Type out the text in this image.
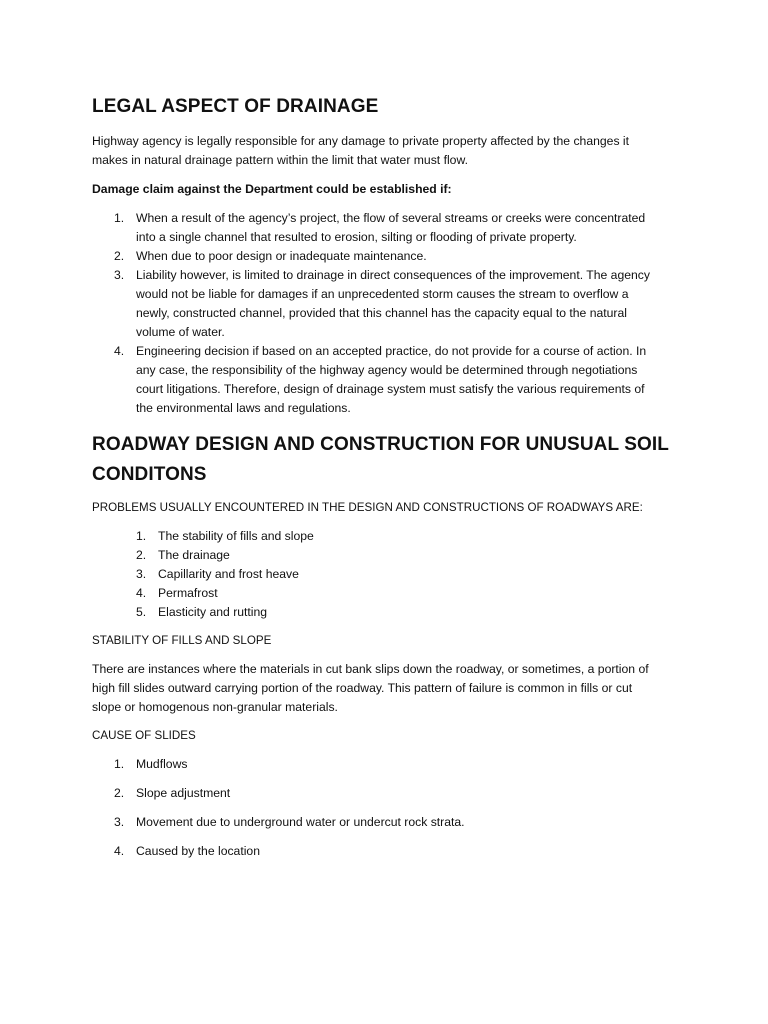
LEGAL ASPECT OF DRAINAGE
Highway agency is legally responsible for any damage to private property affected by the changes it
makes in natural drainage pattern within the limit that water must flow.
Damage claim against the Department could be established if:
1. When a result of the agency’s project, the flow of several streams or creeks were concentrated
into a single channel that resulted to erosion, silting or flooding of private property.
2. When due to poor design or inadequate maintenance.
3. Liability however, is limited to drainage in direct consequences of the improvement. The agency
would not be liable for damages if an unprecedented storm causes the stream to overflow a
newly, constructed channel, provided that this channel has the capacity equal to the natural
volume of water.
4. Engineering decision if based on an accepted practice, do not provide for a course of action. In
any case, the responsibility of the highway agency would be determined through negotiations
court litigations. Therefore, design of drainage system must satisfy the various requirements of
the environmental laws and regulations.
ROADWAY DESIGN AND CONSTRUCTION FOR UNUSUAL SOIL
CONDITONS
PROBLEMS USUALLY ENCOUNTERED IN THE DESIGN AND CONSTRUCTIONS OF ROADWAYS ARE:
1. The stability of fills and slope
2. The drainage
3. Capillarity and frost heave
4. Permafrost
5. Elasticity and rutting
STABILITY OF FILLS AND SLOPE
There are instances where the materials in cut bank slips down the roadway, or sometimes, a portion of
high fill slides outward carrying portion of the roadway. This pattern of failure is common in fills or cut
slope or homogenous non-granular materials.
CAUSE OF SLIDES
1. Mudflows
2. Slope adjustment
3. Movement due to underground water or undercut rock strata.
4. Caused by the location
